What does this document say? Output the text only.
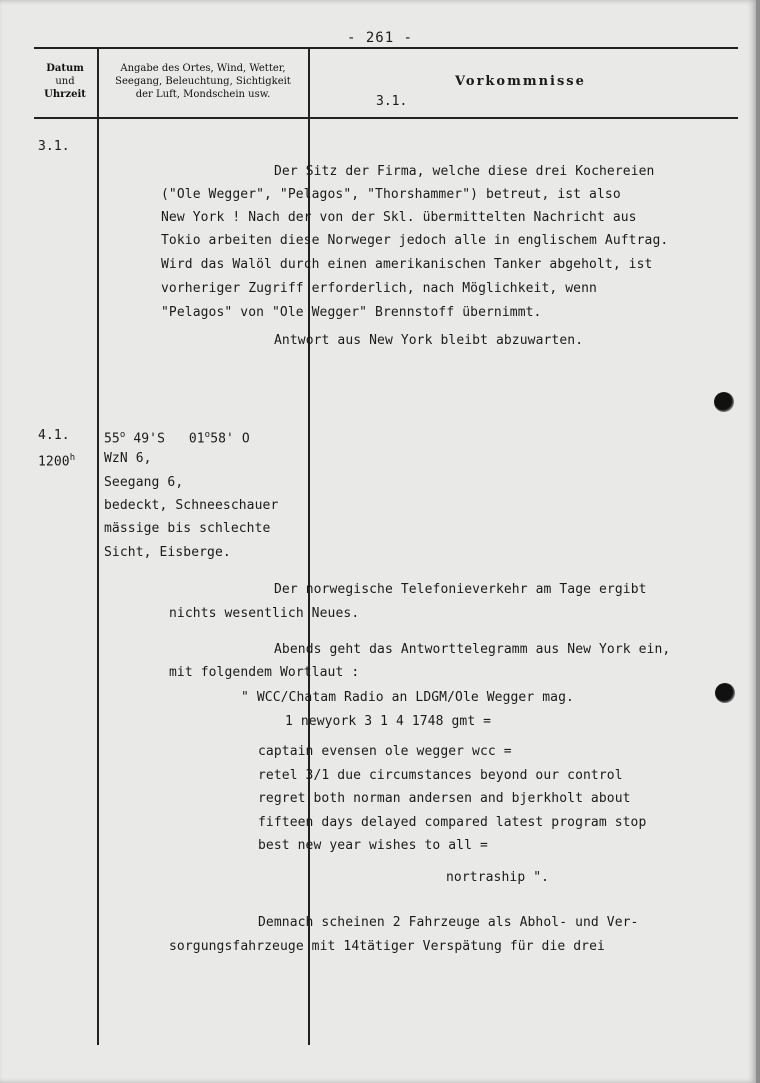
- 261 -
Datum
und
Uhrzeit
Angabe des Ortes, Wind, Wetter,
Seegang, Beleuchtung, Sichtigkeit
der Luft, Mondschein usw.
Vorkommnisse
3.1.
3.1.
Der Sitz der Firma, welche diese drei Kochereien
("Ole Wegger", "Pelagos", "Thorshammer") betreut, ist also
New York ! Nach der von der Skl. übermittelten Nachricht aus
Tokio arbeiten diese Norweger jedoch alle in englischem Auftrag.
Wird das Walöl durch einen amerikanischen Tanker abgeholt, ist
vorheriger Zugriff erforderlich, nach Möglichkeit, wenn
"Pelagos" von "Ole Wegger" Brennstoff übernimmt.
Antwort aus New York bleibt abzuwarten.
4.1.
1200$^h$
55$^o$ 49'S 01$^o$58' O
WzN 6,
Seegang 6,
bedeckt, Schneeschauer
mässige bis schlechte
Sicht, Eisberge.
Der norwegische Telefonieverkehr am Tage ergibt
nichts wesentlich Neues.
Abends geht das Antworttelegramm aus New York ein,
mit folgendem Wortlaut :
" WCC/Chatam Radio an LDGM/Ole Wegger mag.
1 newyork 3 1 4 1748 gmt =
captain evensen ole wegger wcc =
retel 3/1 due circumstances beyond our control
regret both norman andersen and bjerkholt about
fifteen days delayed compared latest program stop
best new year wishes to all =
nortraship ".
Demnach scheinen 2 Fahrzeuge als Abhol- und Ver-
sorgungsfahrzeuge mit 14tätiger Verspätung für die drei
